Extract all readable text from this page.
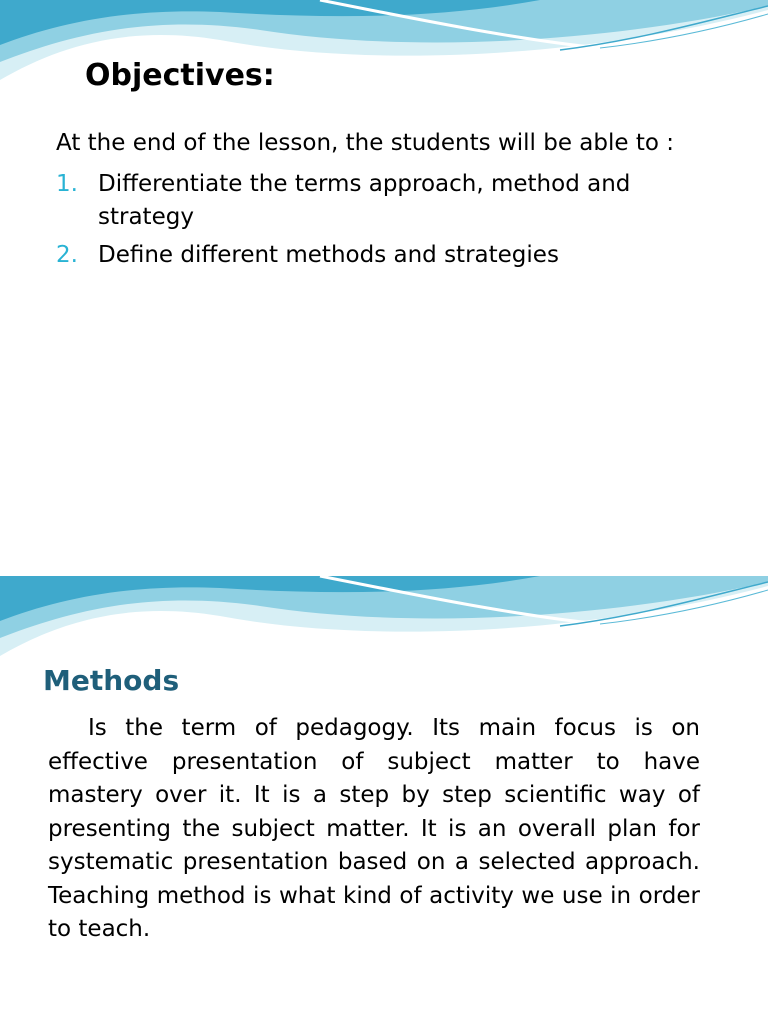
Objectives:

At the end of the lesson, the students will be able to :

1. Differentiate the terms approach, method and strategy
2. Define different methods and strategies
Methods

Is the term of pedagogy. Its main focus is on effective presentation of subject matter to have mastery over it. It is a step by step scientific way of presenting the subject matter. It is an overall plan for systematic presentation based on a selected approach. Teaching method is what kind of activity we use in order to teach.
